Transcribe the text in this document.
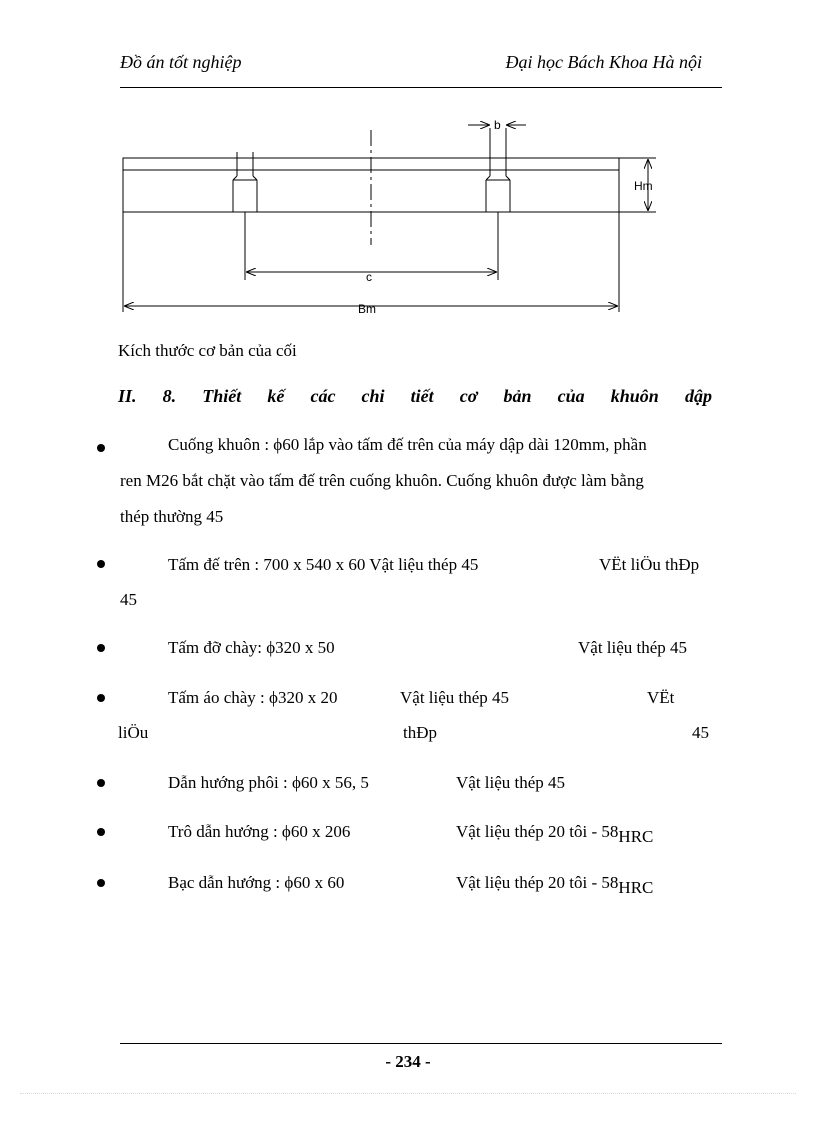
Đồ án tốt nghiệp	Đại học Bách Khoa Hà nội
b
Hm
c
Bm
Kích thước cơ bản của cối
II. 8. Thiết kế các chi tiết cơ bản của khuôn dập
Cuống khuôn : ϕ60 lắp vào tấm đế trên của máy dập dài 120mm, phần
ren M26 bắt chặt vào tấm đế trên cuống khuôn. Cuống khuôn được làm bằng
thép thường 45
Tấm đế trên : 700 x 540 x 60 Vật liệu thép 45	VËt liÖu thÐp
45
Tấm đỡ chày: ϕ320 x 50	Vật liệu thép 45
Tấm áo chày : ϕ320 x 20	Vật liệu thép 45	VËt
liÖu	thÐp	45
Dẫn hướng phôi : ϕ60 x 56, 5	Vật liệu thép 45
Trô dẫn hướng : ϕ60 x 206	Vật liệu thép 20 tôi - 58HRC
Bạc dẫn hướng : ϕ60 x 60	Vật liệu thép 20 tôi - 58HRC
- 234 -
